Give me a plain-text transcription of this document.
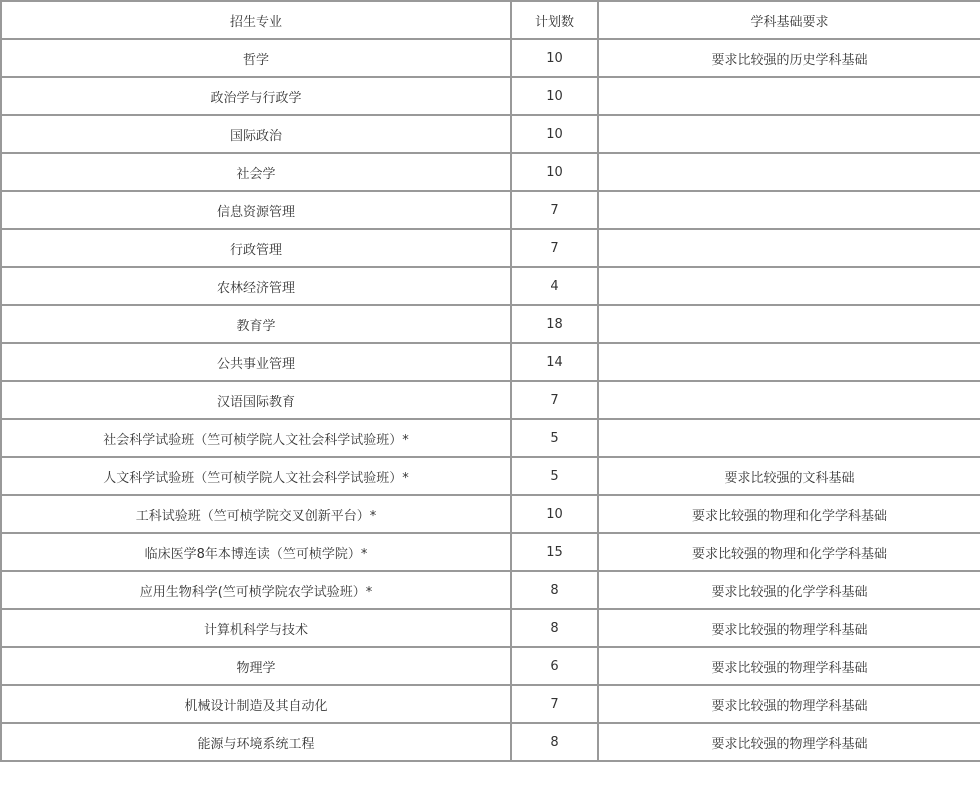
招生专业	计划数	学科基础要求
哲学	10	要求比较强的历史学科基础
政治学与行政学	10	
国际政治	10	
社会学	10	
信息资源管理	7	
行政管理	7	
农林经济管理	4	
教育学	18	
公共事业管理	14	
汉语国际教育	7	
社会科学试验班（竺可桢学院人文社会科学试验班）*	5	
人文科学试验班（竺可桢学院人文社会科学试验班）*	5	要求比较强的文科基础
工科试验班（竺可桢学院交叉创新平台）*	10	要求比较强的物理和化学学科基础
临床医学8年本博连读（竺可桢学院）*	15	要求比较强的物理和化学学科基础
应用生物科学(竺可桢学院农学试验班）*	8	要求比较强的化学学科基础
计算机科学与技术	8	要求比较强的物理学科基础
物理学	6	要求比较强的物理学科基础
机械设计制造及其自动化	7	要求比较强的物理学科基础
能源与环境系统工程	8	要求比较强的物理学科基础
